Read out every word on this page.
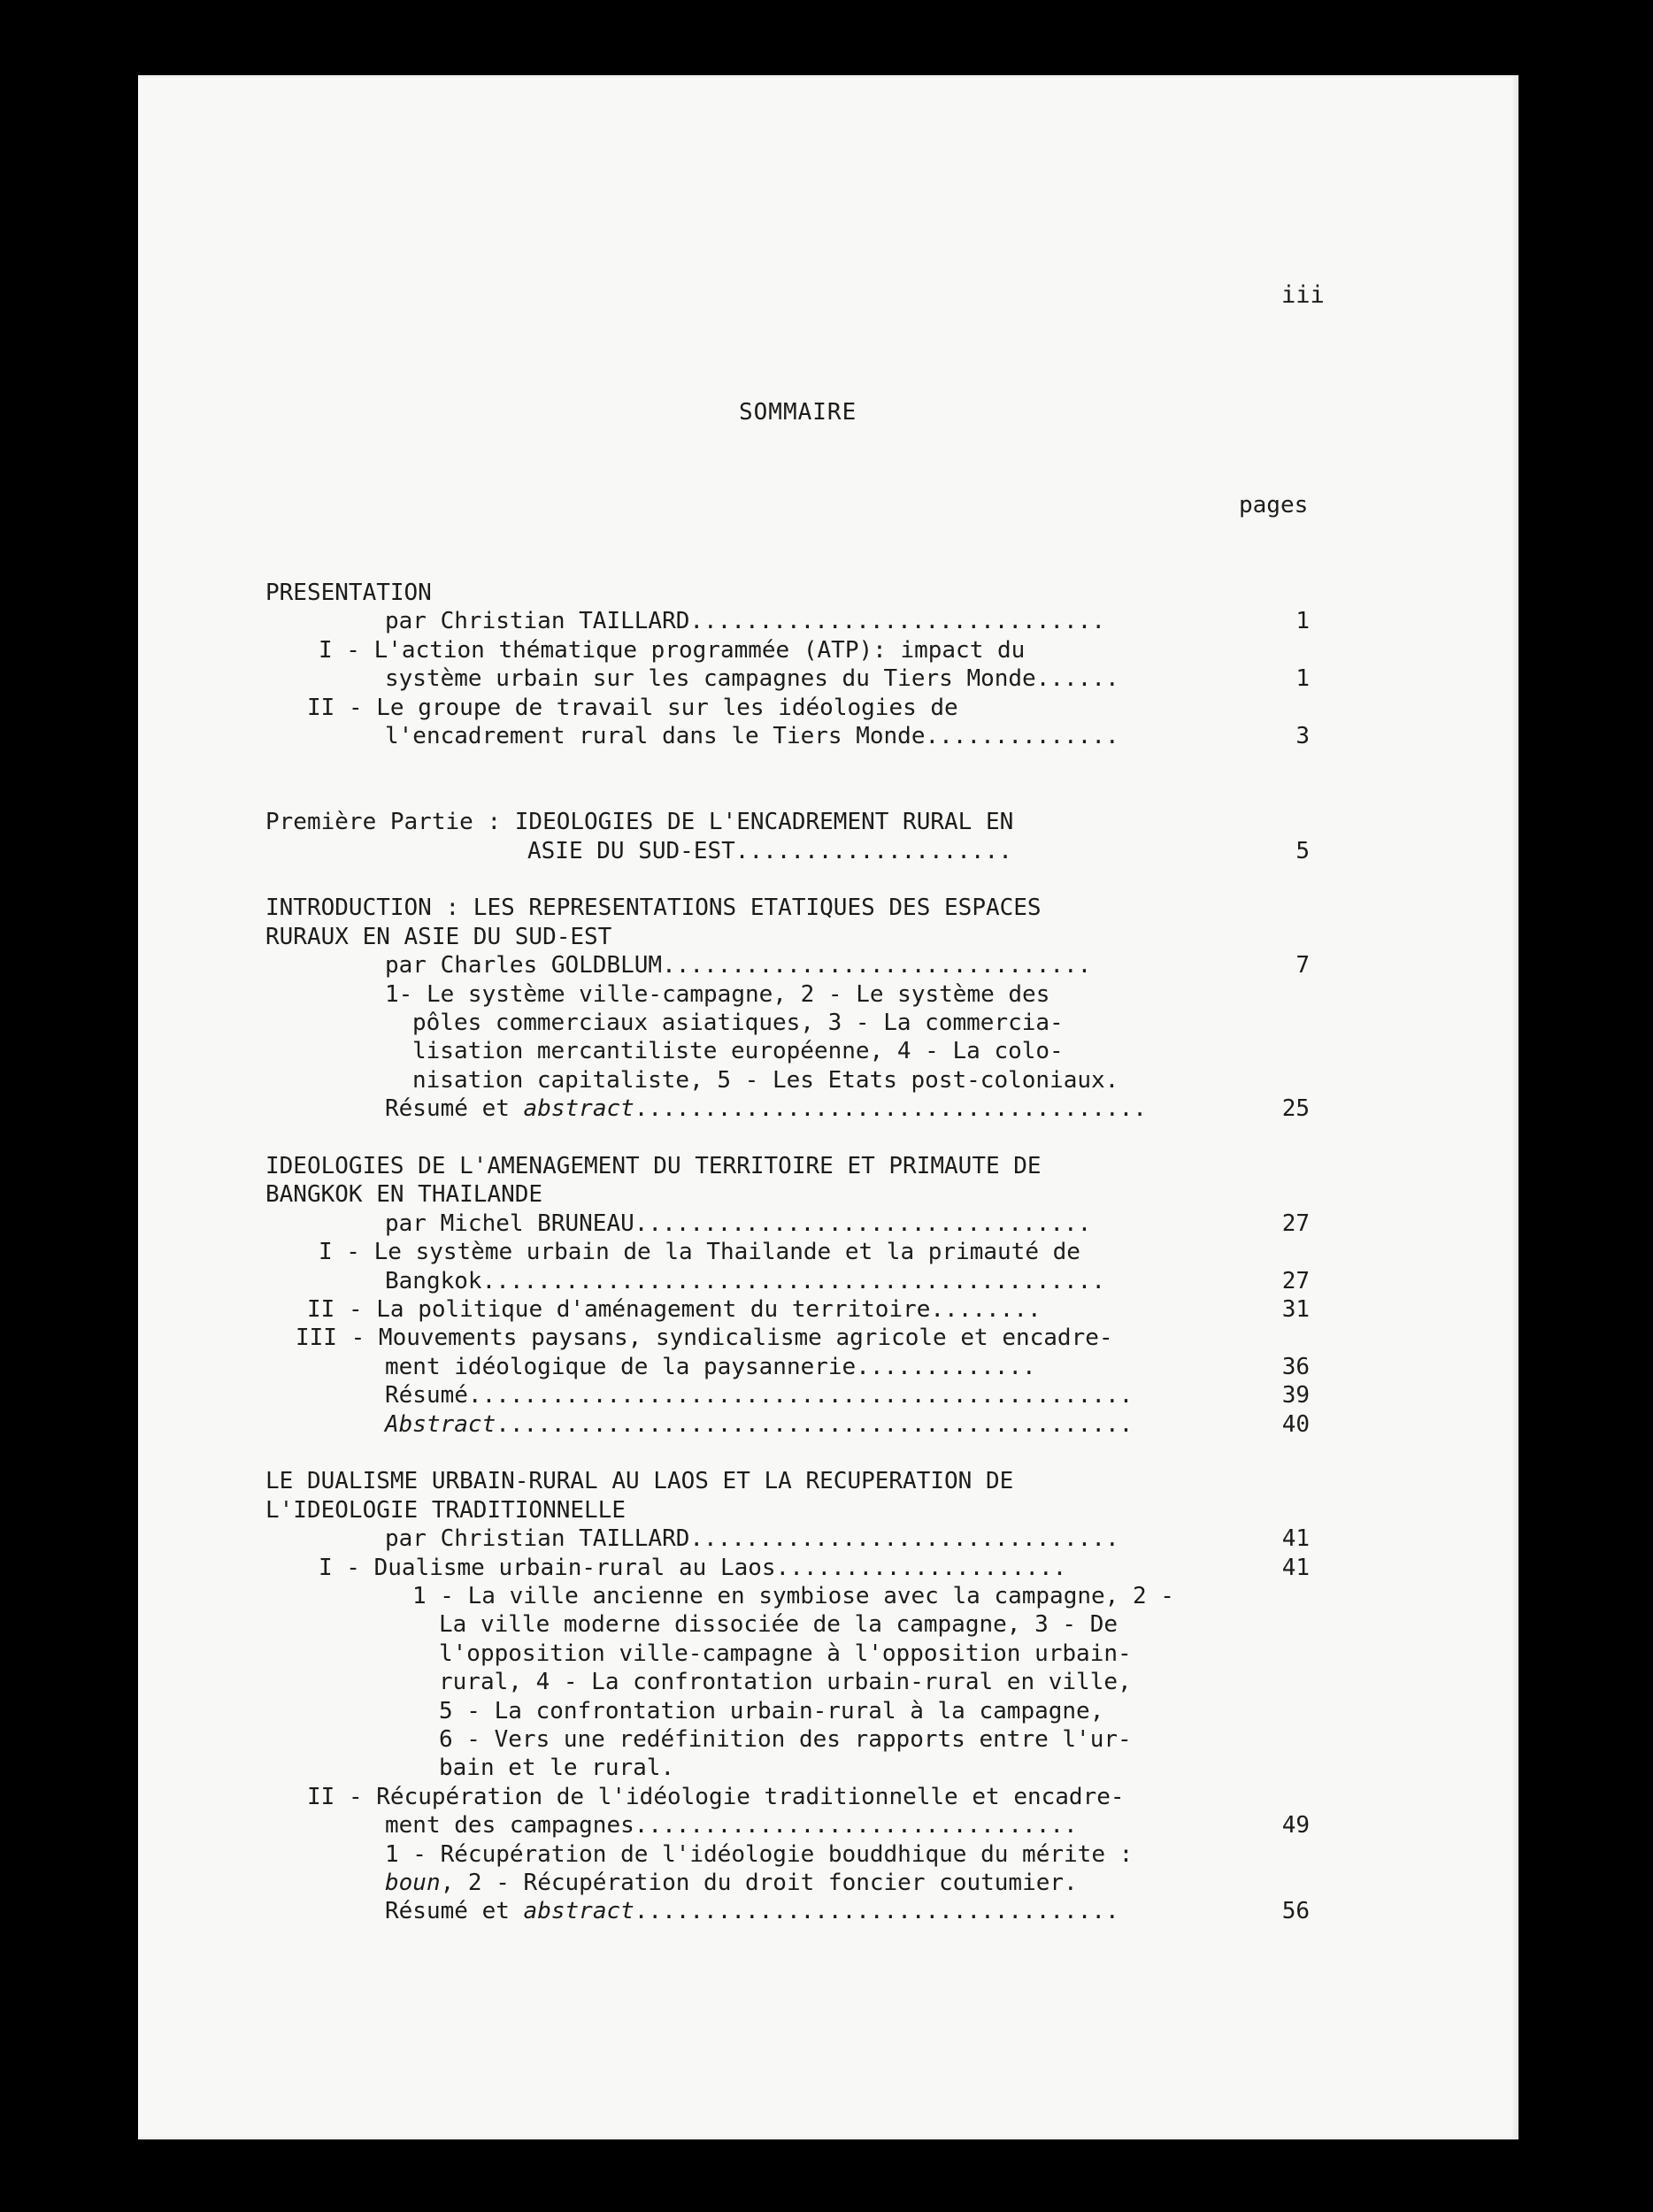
iii
SOMMAIRE
pages
PRESENTATION
par Christian TAILLARD..............................	1
I - L'action thématique programmée (ATP): impact du
système urbain sur les campagnes du Tiers Monde......	1
II - Le groupe de travail sur les idéologies de
l'encadrement rural dans le Tiers Monde..............	3
Première Partie : IDEOLOGIES DE L'ENCADREMENT RURAL EN
ASIE DU SUD-EST....................	5
INTRODUCTION : LES REPRESENTATIONS ETATIQUES DES ESPACES
RURAUX EN ASIE DU SUD-EST
par Charles GOLDBLUM...............................	7
1- Le système ville-campagne, 2 - Le système des
pôles commerciaux asiatiques, 3 - La commercia-
lisation mercantiliste européenne, 4 - La colo-
nisation capitaliste, 5 - Les Etats post-coloniaux.
Résumé et abstract.....................................	25
IDEOLOGIES DE L'AMENAGEMENT DU TERRITOIRE ET PRIMAUTE DE
BANGKOK EN THAILANDE
par Michel BRUNEAU.................................	27
I - Le système urbain de la Thailande et la primauté de
Bangkok.............................................	27
II - La politique d'aménagement du territoire........	31
III - Mouvements paysans, syndicalisme agricole et encadre-
ment idéologique de la paysannerie.............	36
Résumé................................................	39
Abstract..............................................	40
LE DUALISME URBAIN-RURAL AU LAOS ET LA RECUPERATION DE
L'IDEOLOGIE TRADITIONNELLE
par Christian TAILLARD...............................	41
I - Dualisme urbain-rural au Laos.....................	41
1 - La ville ancienne en symbiose avec la campagne, 2 -
La ville moderne dissociée de la campagne, 3 - De
l'opposition ville-campagne à l'opposition urbain-
rural, 4 - La confrontation urbain-rural en ville,
5 - La confrontation urbain-rural à la campagne,
6 - Vers une redéfinition des rapports entre l'ur-
bain et le rural.
II - Récupération de l'idéologie traditionnelle et encadre-
ment des campagnes................................	49
1 - Récupération de l'idéologie bouddhique du mérite :
boun, 2 - Récupération du droit foncier coutumier.
Résumé et abstract...................................	56
